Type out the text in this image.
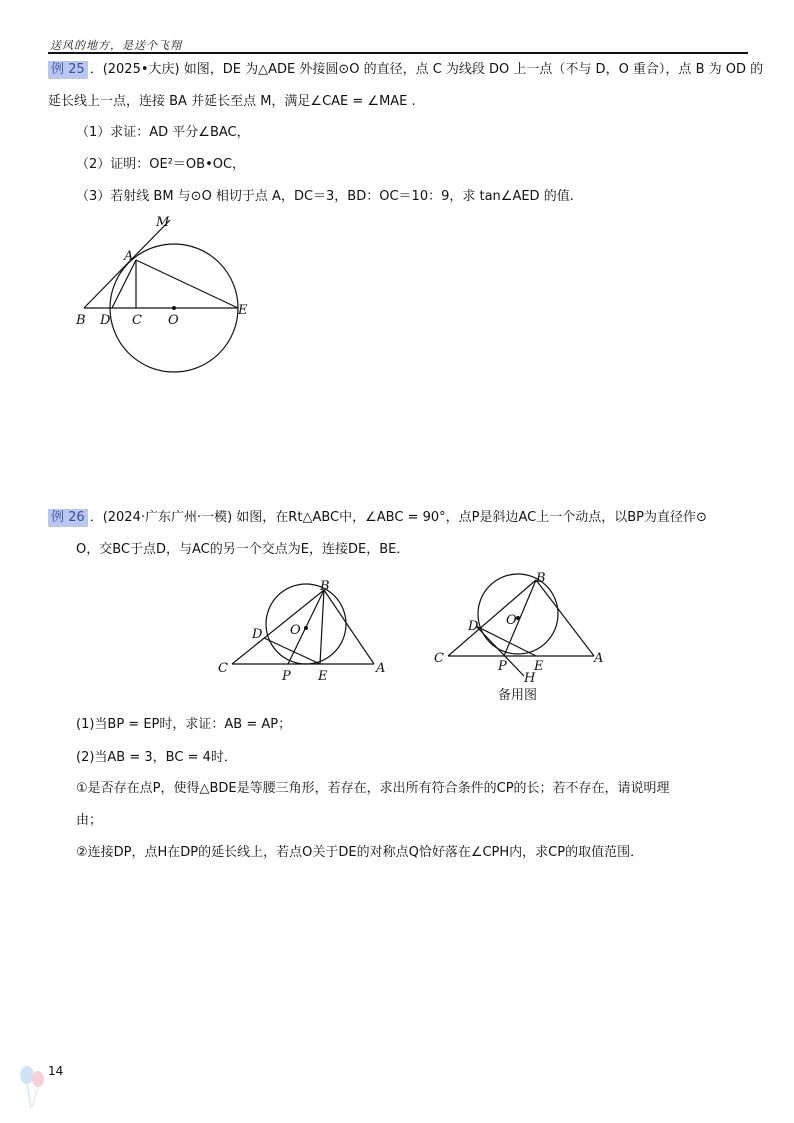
送风的地方，是送个飞翔
例 25 ．(2025•大庆) 如图，DE 为△ADE 外接圆⊙O 的直径，点 C 为线段 DO 上一点（不与 D，O 重合），点 B 为 OD 的
延长线上一点，连接 BA 并延长至点 M，满足∠CAE = ∠MAE .
（1）求证：AD 平分∠BAC，
（2）证明：OE²＝OB•OC，
（3）若射线 BM 与⊙O 相切于点 A，DC＝3，BD：OC＝10：9，求 tan∠AED 的值.
M
A
B D C O
E
例 26 ．(2024·广东广州·一模) 如图，在Rt△ABC中，∠ABC = 90°，点P是斜边AC上一个动点，以BP为直径作⊙
O，交BC于点D，与AC的另一个交点为E，连接DE，BE．
B
D O
C
P E
A
B
D O
C
P E
A
H
备用图
(1)当BP = EP时，求证：AB = AP；
(2)当AB = 3，BC = 4时．
①是否存在点P，使得△BDE是等腰三角形，若存在，求出所有符合条件的CP的长；若不存在，请说明理
由；
②连接DP，点H在DP的延长线上，若点O关于DE的对称点Q恰好落在∠CPH内，求CP的取值范围．
14
